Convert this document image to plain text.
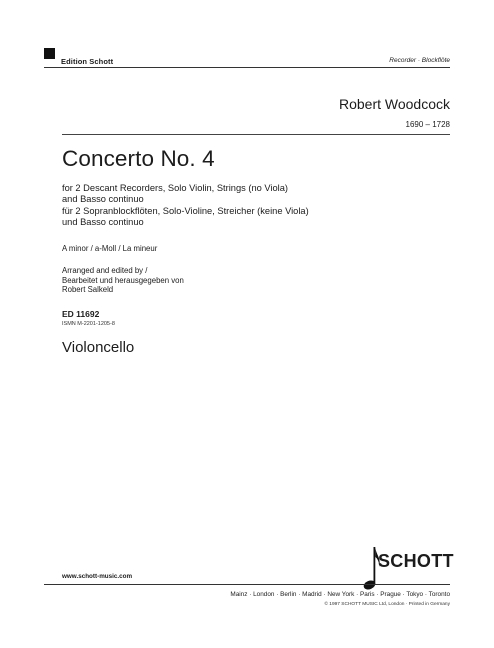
Edition Schott	Recorder · Blockflöte
Robert Woodcock
1690 – 1728
Concerto No. 4
for 2 Descant Recorders, Solo Violin, Strings (no Viola)
and Basso continuo
für 2 Sopranblockflöten, Solo-Violine, Streicher (keine Viola)
und Basso continuo
A minor / a-Moll / La mineur
Arranged and edited by /
Bearbeitet und herausgegeben von
Robert Salkeld
ED 11692
ISMN M-2201-1205-8
Violoncello
SCHOTT
www.schott-music.com
Mainz · London · Berlin · Madrid · New York · Paris · Prague · Tokyo · Toronto
© 1997 SCHOTT MUSIC Ltd, London · Printed in Germany
